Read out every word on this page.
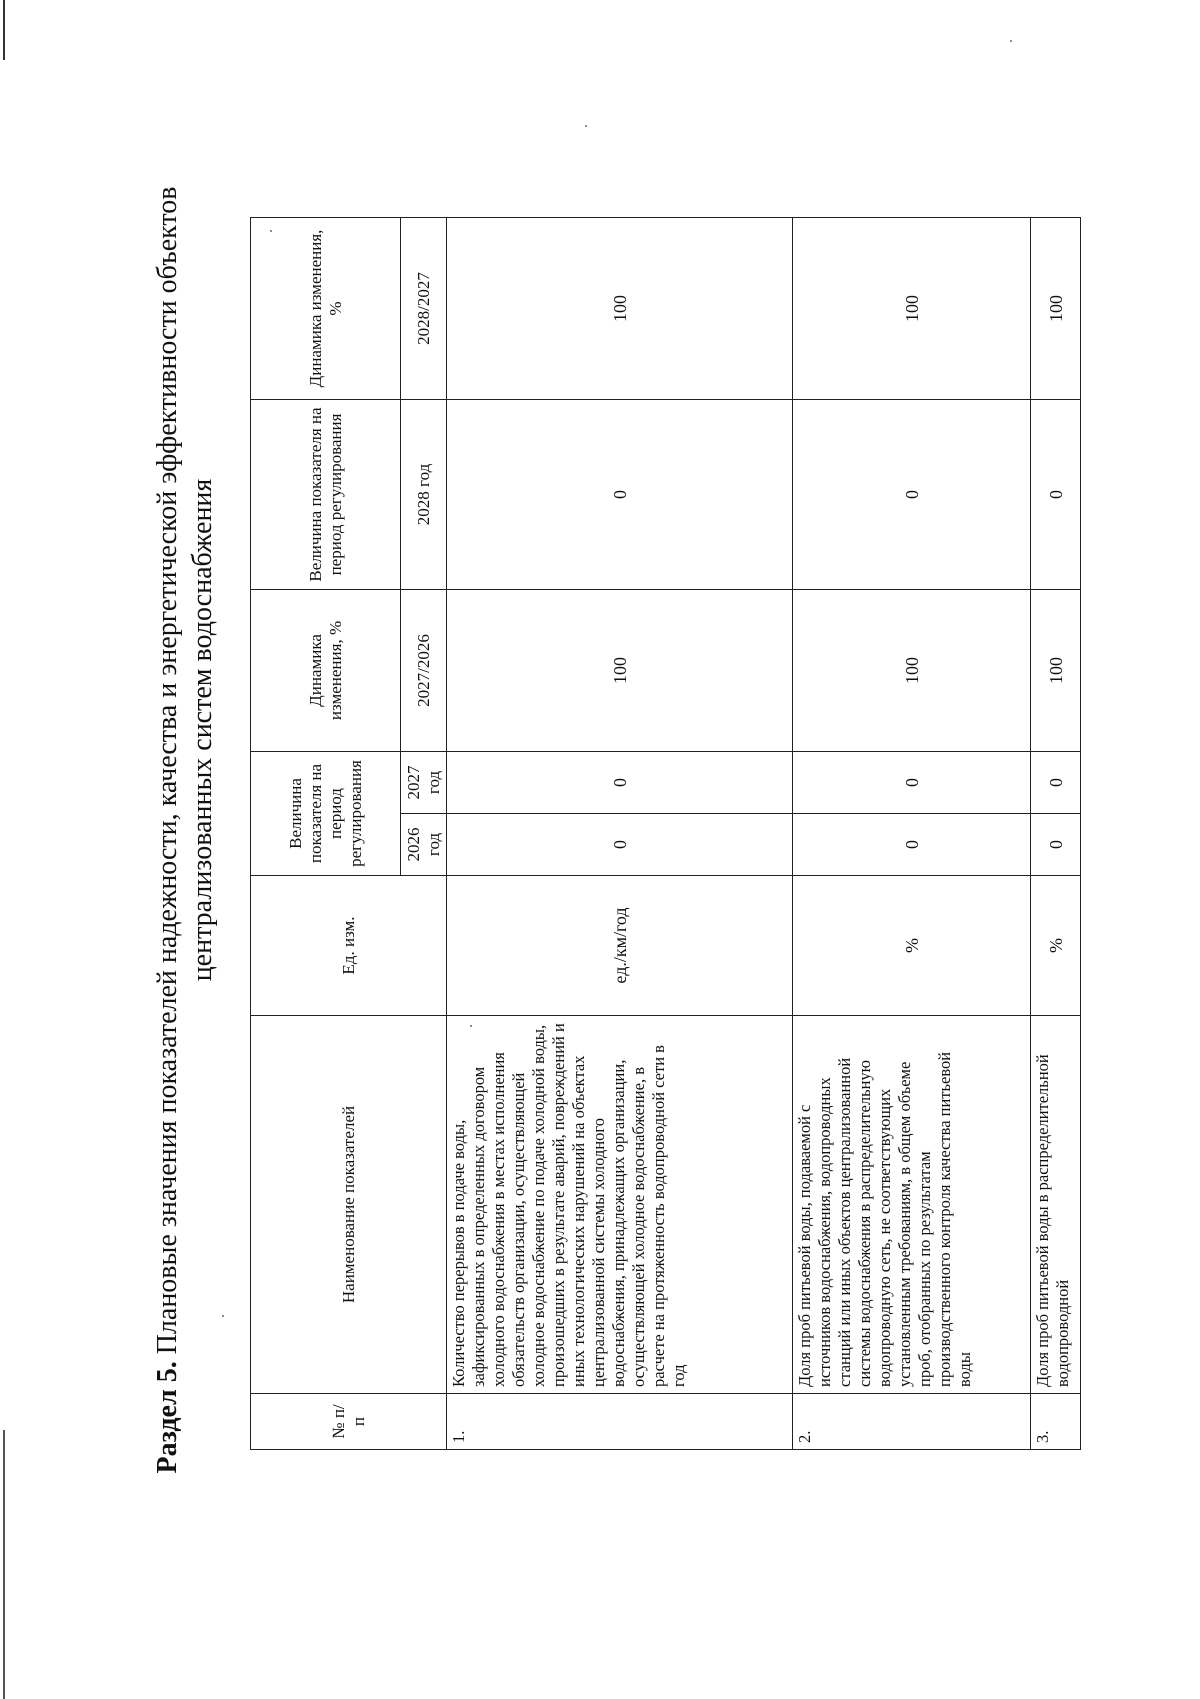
Раздел 5. Плановые значения показателей надежности, качества и энергетической эффективности объектов централизованных систем водоснабжения
№ п/п	Наименование показателей	Ед. изм.	Величина показателя на период регулирования		Динамика изменения, %	Величина показателя на период регулирования	Динамика изменения, %
			2026 год	2027 год	2027/2026	2028 год	2028/2027
1.	Количество перерывов в подаче воды, зафиксированных в определенных договором холодного водоснабжения в местах исполнения обязательств организации, осуществляющей холодное водоснабжение по подаче холодной воды, произошедших в результате аварий, повреждений и иных технологических нарушений на объектах централизованной системы холодного водоснабжения, принадлежащих организации, осуществляющей холодное водоснабжение, в расчете на протяженность водопроводной сети в год	ед./км/год	0	0	100	0	100
2.	Доля проб питьевой воды, подаваемой с источников водоснабжения, водопроводных станций или иных объектов централизованной системы водоснабжения в распределительную водопроводную сеть, не соответствующих установленным требованиям, в общем объеме проб, отобранных по результатам производственного контроля качества питьевой воды	%	0	0	100	0	100
3.	Доля проб питьевой воды в распределительной водопроводной	%	0	0	100	0	100
